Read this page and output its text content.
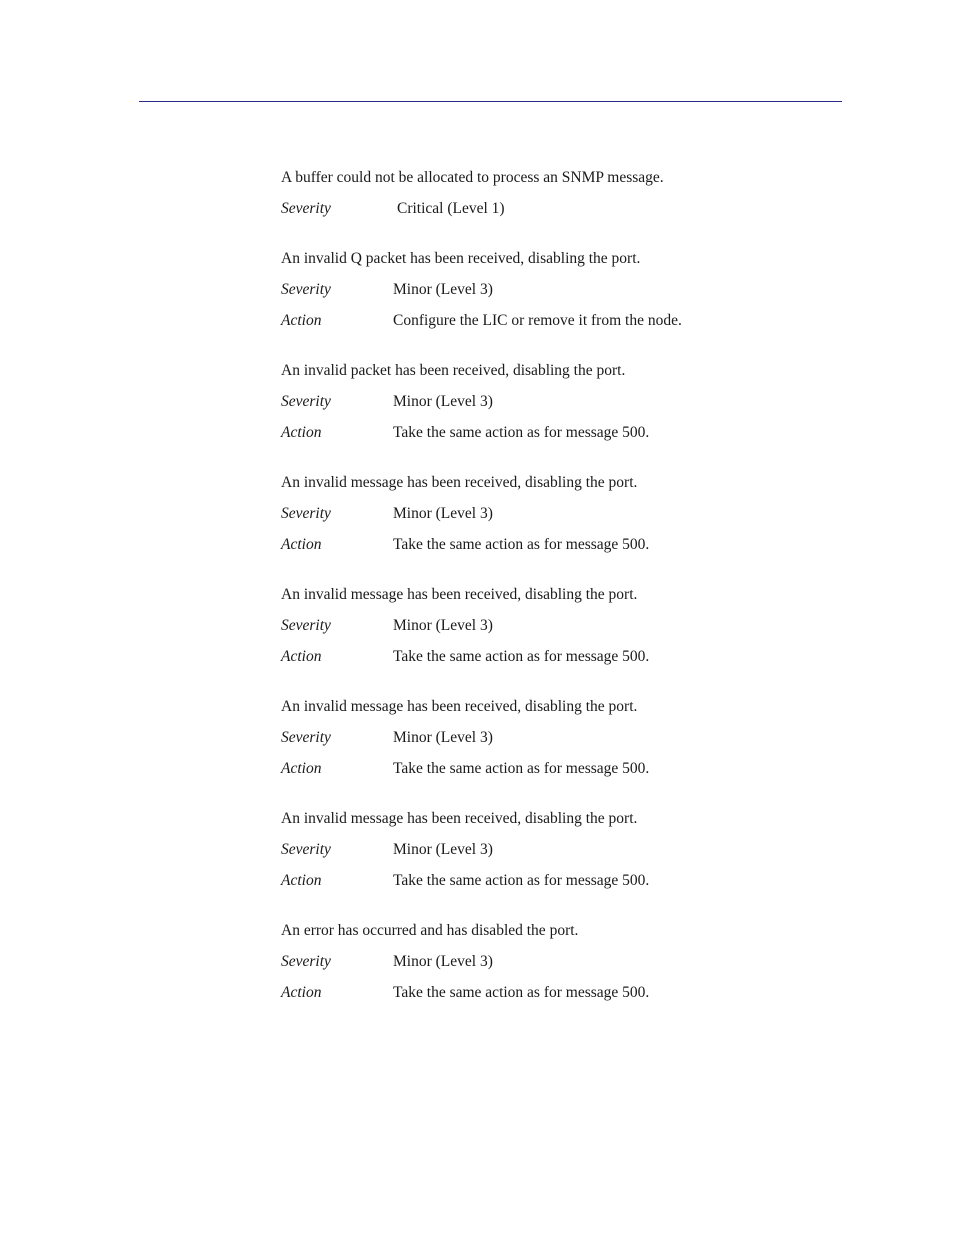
A buffer could not be allocated to process an SNMP message.
Severity	Critical (Level 1)
An invalid Q packet has been received, disabling the port.
Severity	Minor (Level 3)
Action	Configure the LIC or remove it from the node.
An invalid packet has been received, disabling the port.
Severity	Minor (Level 3)
Action	Take the same action as for message 500.
An invalid message has been received, disabling the port.
Severity	Minor (Level 3)
Action	Take the same action as for message 500.
An invalid message has been received, disabling the port.
Severity	Minor (Level 3)
Action	Take the same action as for message 500.
An invalid message has been received, disabling the port.
Severity	Minor (Level 3)
Action	Take the same action as for message 500.
An invalid message has been received, disabling the port.
Severity	Minor (Level 3)
Action	Take the same action as for message 500.
An error has occurred and has disabled the port.
Severity	Minor (Level 3)
Action	Take the same action as for message 500.
